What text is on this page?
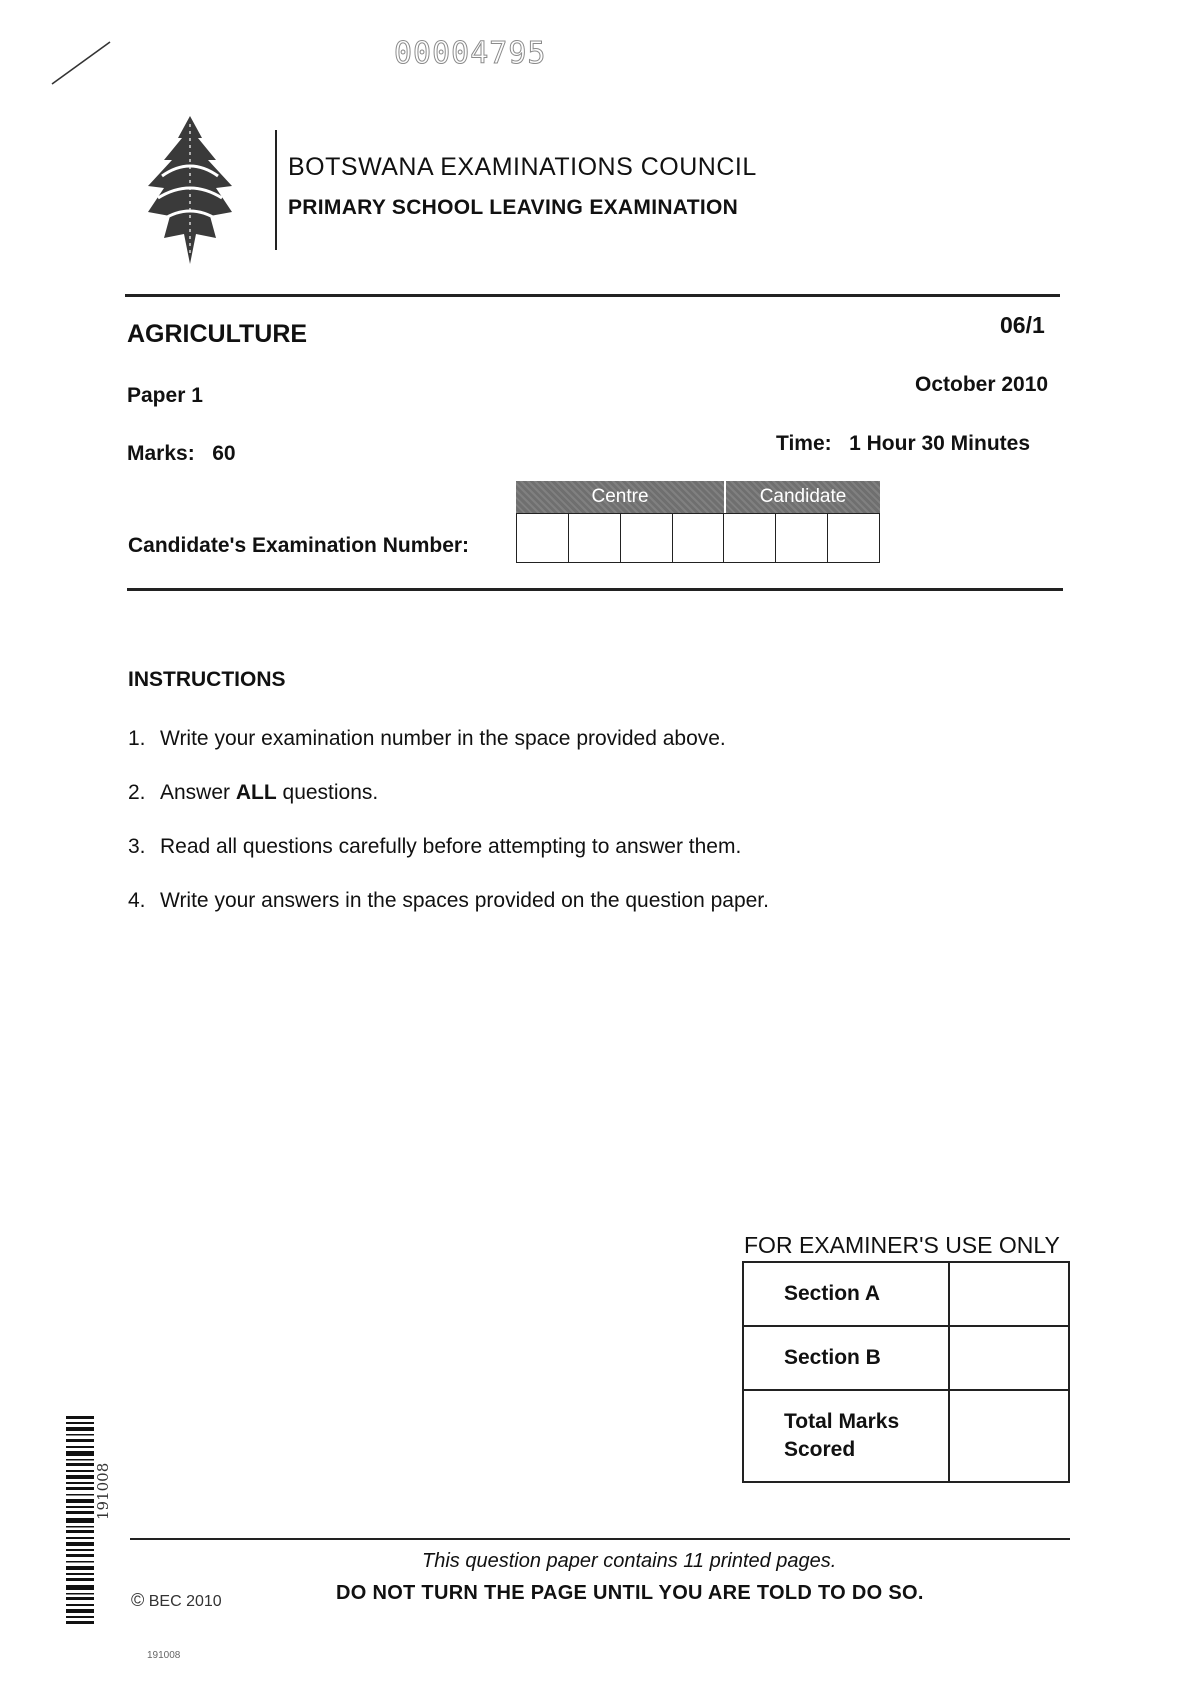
00004795
BOTSWANA EXAMINATIONS COUNCIL
PRIMARY SCHOOL LEAVING EXAMINATION
AGRICULTURE	06/1
Paper 1	October 2010
Marks:   60	Time:   1 Hour 30 Minutes
Candidate's Examination Number:
Centre	Candidate
INSTRUCTIONS
1. Write your examination number in the space provided above.
2. Answer ALL questions.
3. Read all questions carefully before attempting to answer them.
4. Write your answers in the spaces provided on the question paper.
FOR EXAMINER'S USE ONLY
Section A	
Section B	
Total Marks
Scored	
191008
This question paper contains 11 printed pages.
© BEC 2010	DO NOT TURN THE PAGE UNTIL YOU ARE TOLD TO DO SO.
191008
